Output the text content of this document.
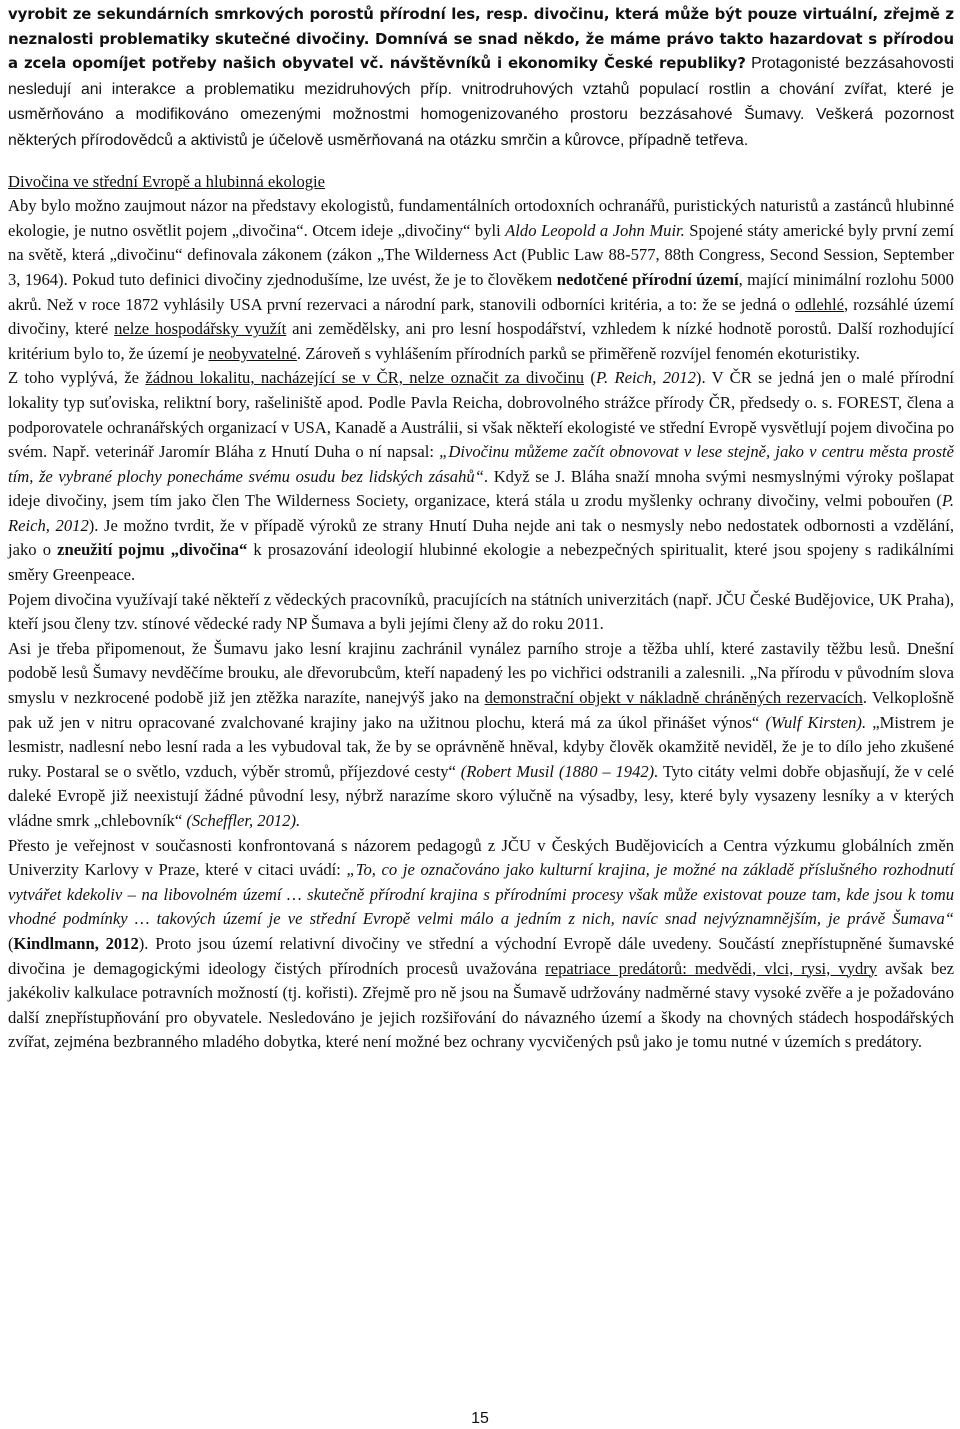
vyrobit ze sekundárních smrkových porostů přírodní les, resp. divočinu, která může být pouze virtuální, zřejmě z neznalosti problematiky skutečné divočiny. Domnívá se snad někdo, že máme právo takto hazardovat s přírodou a zcela opomíjet potřeby našich obyvatel vč. návštěvníků i ekonomiky České republiky? Protagonisté bezzásahovosti nesledují ani interakce a problematiku mezidruhových příp. vnitrodruhových vztahů populací rostlin a chování zvířat, které je usměrňováno a modifikováno omezenými možnostmi homogenizovaného prostoru bezzásahové Šumavy. Veškerá pozornost některých přírodovědců a aktivistů je účelově usměrňovaná na otázku smrčin a kůrovce, případně tetřeva.

Divočina ve střední Evropě a hlubinná ekologie

Aby bylo možno zaujmout názor na představy ekologistů, fundamentálních ortodoxních ochranářů, puristických naturistů a zastánců hlubinné ekologie, je nutno osvětlit pojem „divočina“. Otcem ideje „divočiny“ byli Aldo Leopold a John Muir. Spojené státy americké byly první zemí na světě, která „divočinu“ definovala zákonem (zákon „The Wilderness Act (Public Law 88-577, 88th Congress, Second Session, September 3, 1964). Pokud tuto definici divočiny zjednodušíme, lze uvést, že je to člověkem nedotčené přírodní území, mající minimální rozlohu 5000 akrů. Než v roce 1872 vyhlásily USA první rezervaci a národní park, stanovili odborníci kritéria, a to: že se jedná o odlehlé, rozsáhlé území divočiny, které nelze hospodářsky využít ani zemědělsky, ani pro lesní hospodářství, vzhledem k nízké hodnotě porostů. Další rozhodující kritérium bylo to, že území je neobyvatelné. Zároveň s vyhlášením přírodních parků se přiměřeně rozvíjel fenomén ekoturistiky.

Z toho vyplývá, že žádnou lokalitu, nacházející se v ČR, nelze označit za divočinu (P. Reich, 2012). V ČR se jedná jen o malé přírodní lokality typ suťoviska, reliktní bory, rašeliniště apod. Podle Pavla Reicha, dobrovolného strážce přírody ČR, předsedy o. s. FOREST, člena a podporovatele ochranářských organizací v USA, Kanadě a Austrálii, si však někteří ekologisté ve střední Evropě vysvětlují pojem divočina po svém. Např. veterinář Jaromír Bláha z Hnutí Duha o ní napsal: „Divočinu můžeme začít obnovovat v lese stejně, jako v centru města prostě tím, že vybrané plochy ponecháme svému osudu bez lidských zásahů“. Když se J. Bláha snaží mnoha svými nesmyslnými výroky pošlapat ideje divočiny, jsem tím jako člen The Wilderness Society, organizace, která stála u zrodu myšlenky ochrany divočiny, velmi pobouřen (P. Reich, 2012). Je možno tvrdit, že v případě výroků ze strany Hnutí Duha nejde ani tak o nesmysly nebo nedostatek odbornosti a vzdělání, jako o zneužití pojmu „divočina“ k prosazování ideologií hlubinné ekologie a nebezpečných spiritualit, které jsou spojeny s radikálními směry Greenpeace.

Pojem divočina využívají také někteří z vědeckých pracovníků, pracujících na státních univerzitách (např. JČU České Budějovice, UK Praha), kteří jsou členy tzv. stínové vědecké rady NP Šumava a byli jejími členy až do roku 2011.

Asi je třeba připomenout, že Šumavu jako lesní krajinu zachránil vynález parního stroje a těžba uhlí, které zastavily těžbu lesů. Dnešní podobě lesů Šumavy nevděčíme brouku, ale dřevorubcům, kteří napadený les po vichřici odstranili a zalesnili. „Na přírodu v původním slova smyslu v nezkrocené podobě již jen ztěžka narazíte, nanejvýš jako na demonstrační objekt v nákladně chráněných rezervacích. Velkoplošně pak už jen v nitru opracované zvalchované krajiny jako na užitnou plochu, která má za úkol přinášet výnos“ (Wulf Kirsten). „Mistrem je lesmistr, nadlesní nebo lesní rada a les vybudoval tak, že by se oprávněně hněval, kdyby člověk okamžitě neviděl, že je to dílo jeho zkušené ruky. Postaral se o světlo, vzduch, výběr stromů, příjezdové cesty“ (Robert Musil (1880 – 1942). Tyto citáty velmi dobře objasňují, že v celé daleké Evropě již neexistují žádné původní lesy, nýbrž narazíme skoro výlučně na výsadby, lesy, které byly vysazeny lesníky a v kterých vládne smrk „chlebovník“ (Scheffler, 2012).

Přesto je veřejnost v současnosti konfrontovaná s názorem pedagogů z JČU v Českých Budějovicích a Centra výzkumu globálních změn Univerzity Karlovy v Praze, které v citaci uvádí: „To, co je označováno jako kulturní krajina, je možné na základě příslušného rozhodnutí vytvářet kdekoliv – na libovolném území … skutečně přírodní krajina s přírodními procesy však může existovat pouze tam, kde jsou k tomu vhodné podmínky … takových území je ve střední Evropě velmi málo a jedním z nich, navíc snad nejvýznamnějším, je právě Šumava“ (Kindlmann, 2012). Proto jsou území relativní divočiny ve střední a východní Evropě dále uvedeny. Součástí znepřístupněné šumavské divočina je demagogickými ideology čistých přírodních procesů uvažována repatriace predátorů: medvědi, vlci, rysi, vydry avšak bez jakékoliv kalkulace potravních možností (tj. kořisti). Zřejmě pro ně jsou na Šumavě udržovány nadměrné stavy vysoké zvěře a je požadováno další znepřístupňování pro obyvatele. Nesledováno je jejich rozšiřování do návazného území a škody na chovných stádech hospodářských zvířat, zejména bezbranného mladého dobytka, které není možné bez ochrany vycvičených psů jako je tomu nutné v územích s predátory.

15
